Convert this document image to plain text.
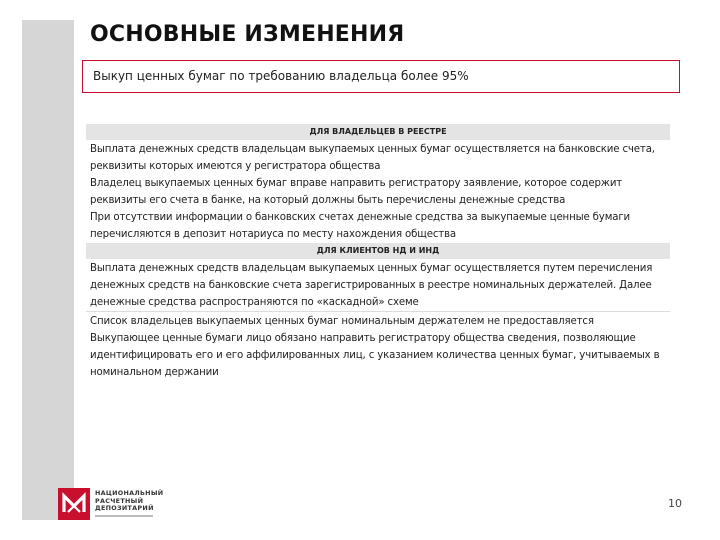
ОСНОВНЫЕ ИЗМЕНЕНИЯ
Выкуп ценных бумаг по требованию владельца более 95%
ДЛЯ ВЛАДЕЛЬЦЕВ В РЕЕСТРЕ
Выплата денежных средств владельцам выкупаемых ценных бумаг осуществляется на банковские счета, реквизиты которых имеются у регистратора общества
Владелец выкупаемых ценных бумаг вправе направить регистратору заявление, которое содержит реквизиты его счета в банке, на который должны быть перечислены денежные средства
При отсутствии информации о банковских счетах денежные средства за выкупаемые ценные бумаги перечисляются в депозит нотариуса по месту нахождения общества
ДЛЯ КЛИЕНТОВ НД И ИНД
Выплата денежных средств владельцам выкупаемых ценных бумаг осуществляется путем перечисления денежных средств на банковские счета зарегистрированных в реестре номинальных держателей. Далее денежные средства распространяются по «каскадной» схеме
Список владельцев выкупаемых ценных бумаг номинальным держателем не предоставляется
Выкупающее ценные бумаги лицо обязано направить регистратору общества сведения, позволяющие идентифицировать его и его аффилированных лиц, с указанием количества ценных бумаг, учитываемых в номинальном держании
НАЦИОНАЛЬНЫЙ
РАСЧЕТНЫЙ
ДЕПОЗИТАРИЙ	10
